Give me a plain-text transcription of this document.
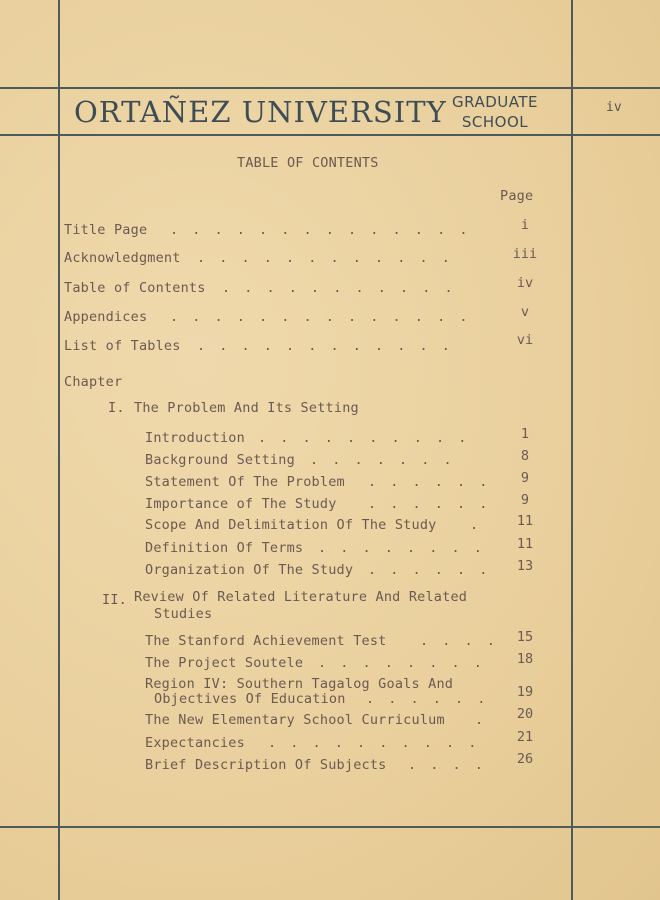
ORTAÑEZ UNIVERSITY GRADUATE
SCHOOL
iv
TABLE OF CONTENTS
Page
Title Page . . . . . . . . . . . . . .	i
Acknowledgment . . . . . . . . . . . .	iii
Table of Contents . . . . . . . . . . .	iv
Appendices . . . . . . . . . . . . . .	v
List of Tables . . . . . . . . . . . .	vi
Chapter
I. The Problem And Its Setting
Introduction . . . . . . . . . .	1
Background Setting . . . . . . .	8
Statement Of The Problem . . . . . .	9
Importance of The Study . . . . . .	9
Scope And Delimitation Of The Study .	11
Definition Of Terms . . . . . . . .	11
Organization Of The Study . . . . . .	13
II. Review Of Related Literature And Related
Studies
The Stanford Achievement Test . . . .	15
The Project Soutele . . . . . . . .	18
Region IV: Southern Tagalog Goals And
Objectives Of Education . . . . . .	19
The New Elementary School Curriculum .	20
Expectancies . . . . . . . . . .	21
Brief Description Of Subjects . . . .	26
